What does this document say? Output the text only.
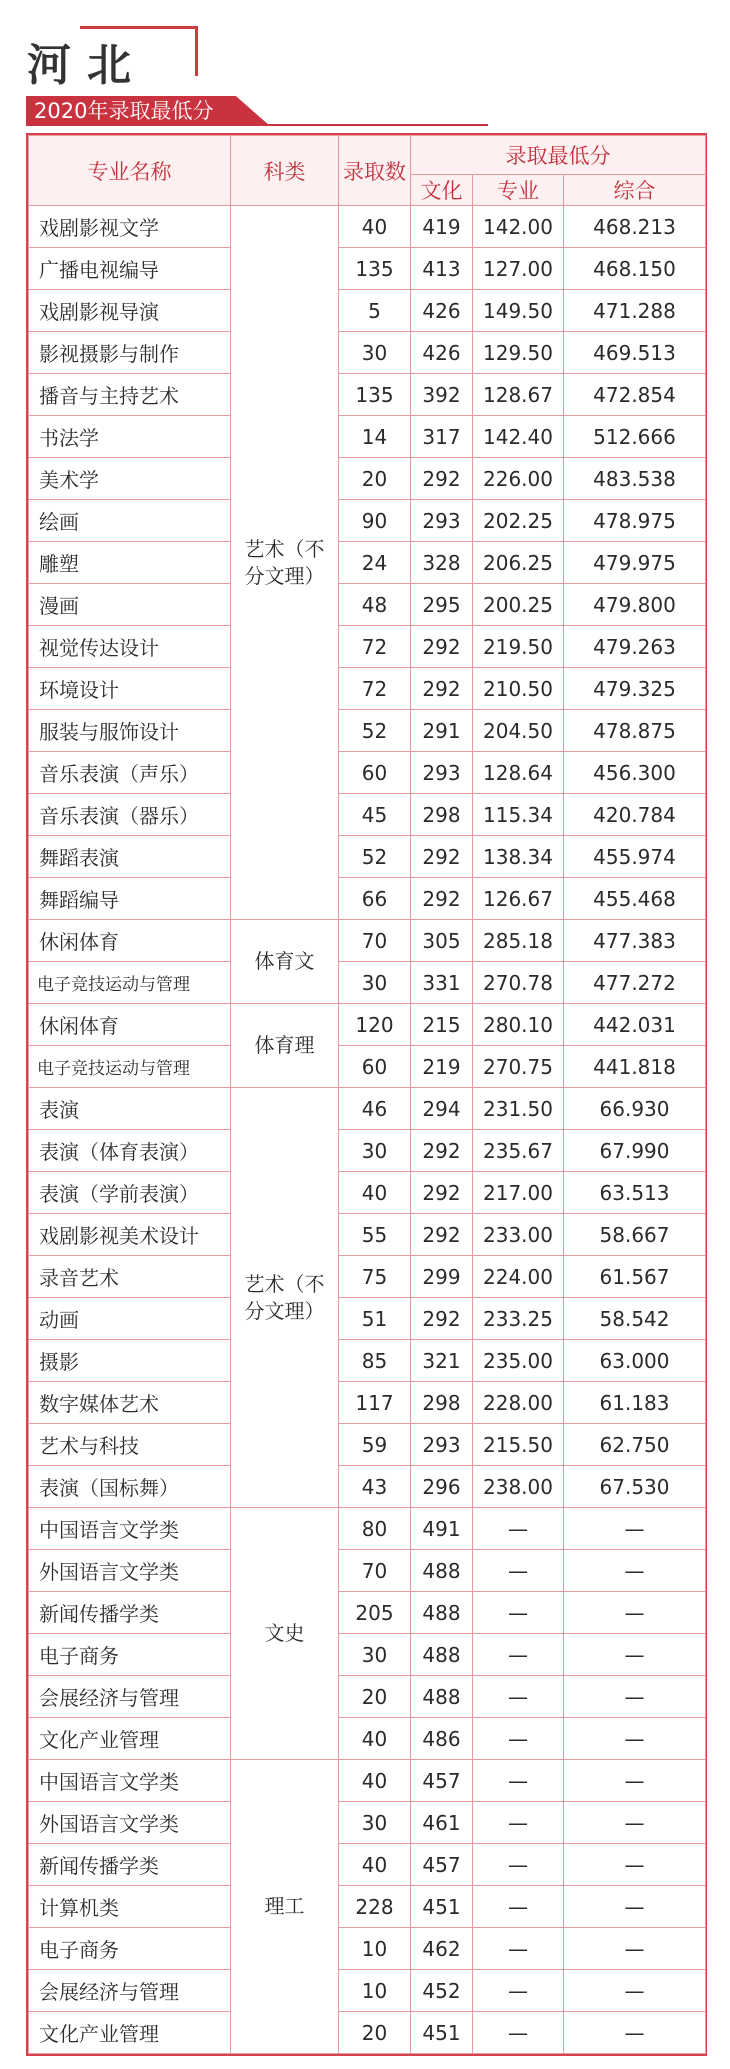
河北
2020年录取最低分
专业名称	科类	录取数	录取最低分		
			文化	专业	综合
戏剧影视文学	艺术（不分文理）	40	419	142.00	468.213
广播电视编导		135	413	127.00	468.150
戏剧影视导演		5	426	149.50	471.288
影视摄影与制作		30	426	129.50	469.513
播音与主持艺术		135	392	128.67	472.854
书法学		14	317	142.40	512.666
美术学		20	292	226.00	483.538
绘画		90	293	202.25	478.975
雕塑		24	328	206.25	479.975
漫画		48	295	200.25	479.800
视觉传达设计		72	292	219.50	479.263
环境设计		72	292	210.50	479.325
服装与服饰设计		52	291	204.50	478.875
音乐表演（声乐）		60	293	128.64	456.300
音乐表演（器乐）		45	298	115.34	420.784
舞蹈表演		52	292	138.34	455.974
舞蹈编导		66	292	126.67	455.468
休闲体育	体育文	70	305	285.18	477.383
电子竞技运动与管理		30	331	270.78	477.272
休闲体育	体育理	120	215	280.10	442.031
电子竞技运动与管理		60	219	270.75	441.818
表演	艺术（不分文理）	46	294	231.50	66.930
表演（体育表演）		30	292	235.67	67.990
表演（学前表演）		40	292	217.00	63.513
戏剧影视美术设计		55	292	233.00	58.667
录音艺术		75	299	224.00	61.567
动画		51	292	233.25	58.542
摄影		85	321	235.00	63.000
数字媒体艺术		117	298	228.00	61.183
艺术与科技		59	293	215.50	62.750
表演（国标舞）		43	296	238.00	67.530
中国语言文学类	文史	80	491	—	—
外国语言文学类		70	488	—	—
新闻传播学类		205	488	—	—
电子商务		30	488	—	—
会展经济与管理		20	488	—	—
文化产业管理		40	486	—	—
中国语言文学类	理工	40	457	—	—
外国语言文学类		30	461	—	—
新闻传播学类		40	457	—	—
计算机类		228	451	—	—
电子商务		10	462	—	—
会展经济与管理		10	452	—	—
文化产业管理		20	451	—	—
